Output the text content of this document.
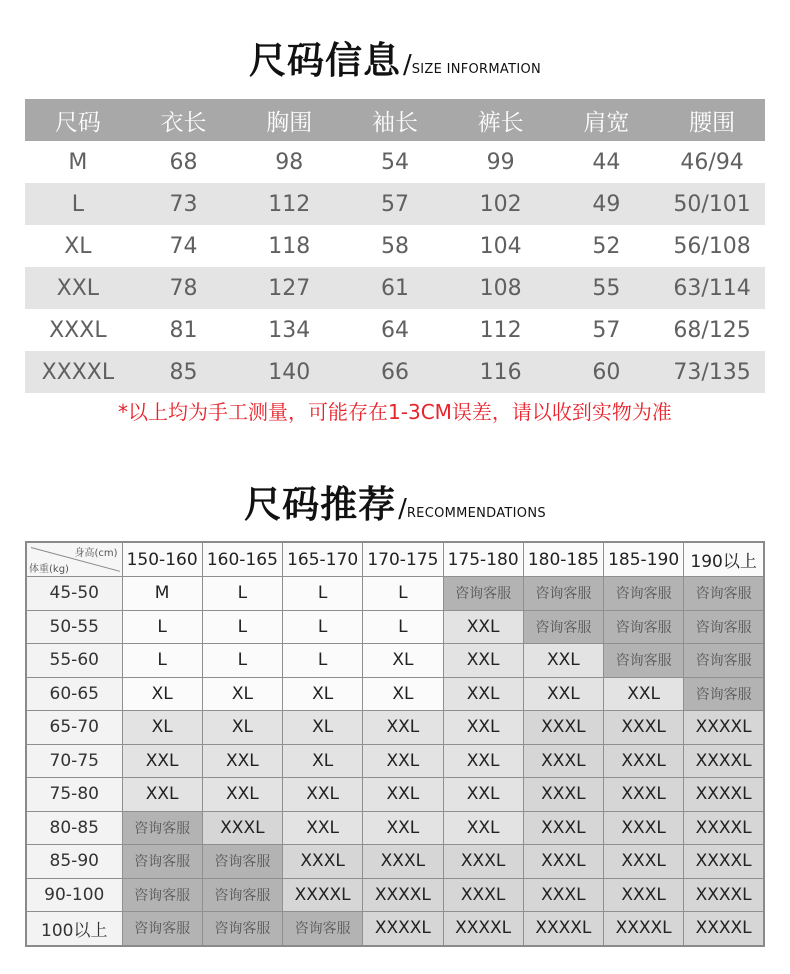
尺码信息/SIZE INFORMATION
尺码	衣长	胸围	袖长	裤长	肩宽	腰围
M	68	98	54	99	44	46/94
L	73	112	57	102	49	50/101
XL	74	118	58	104	52	56/108
XXL	78	127	61	108	55	63/114
XXXL	81	134	64	112	57	68/125
XXXXL	85	140	66	116	60	73/135
*以上均为手工测量，可能存在1-3CM误差，请以收到实物为准
尺码推荐/RECOMMENDATIONS
身高(cm)
体重(kg)	150-160	160-165	165-170	170-175	175-180	180-185	185-190	190以上
45-50	M	L	L	L	咨询客服	咨询客服	咨询客服	咨询客服
50-55	L	L	L	L	XXL	咨询客服	咨询客服	咨询客服
55-60	L	L	L	XL	XXL	XXL	咨询客服	咨询客服
60-65	XL	XL	XL	XL	XXL	XXL	XXL	咨询客服
65-70	XL	XL	XL	XXL	XXL	XXXL	XXXL	XXXXL
70-75	XXL	XXL	XL	XXL	XXL	XXXL	XXXL	XXXXL
75-80	XXL	XXL	XXL	XXL	XXL	XXXL	XXXL	XXXXL
80-85	咨询客服	XXXL	XXL	XXL	XXL	XXXL	XXXL	XXXXL
85-90	咨询客服	咨询客服	XXXL	XXXL	XXXL	XXXL	XXXL	XXXXL
90-100	咨询客服	咨询客服	XXXXL	XXXXL	XXXL	XXXL	XXXL	XXXXL
100以上	咨询客服	咨询客服	咨询客服	XXXXL	XXXXL	XXXXL	XXXXL	XXXXL
